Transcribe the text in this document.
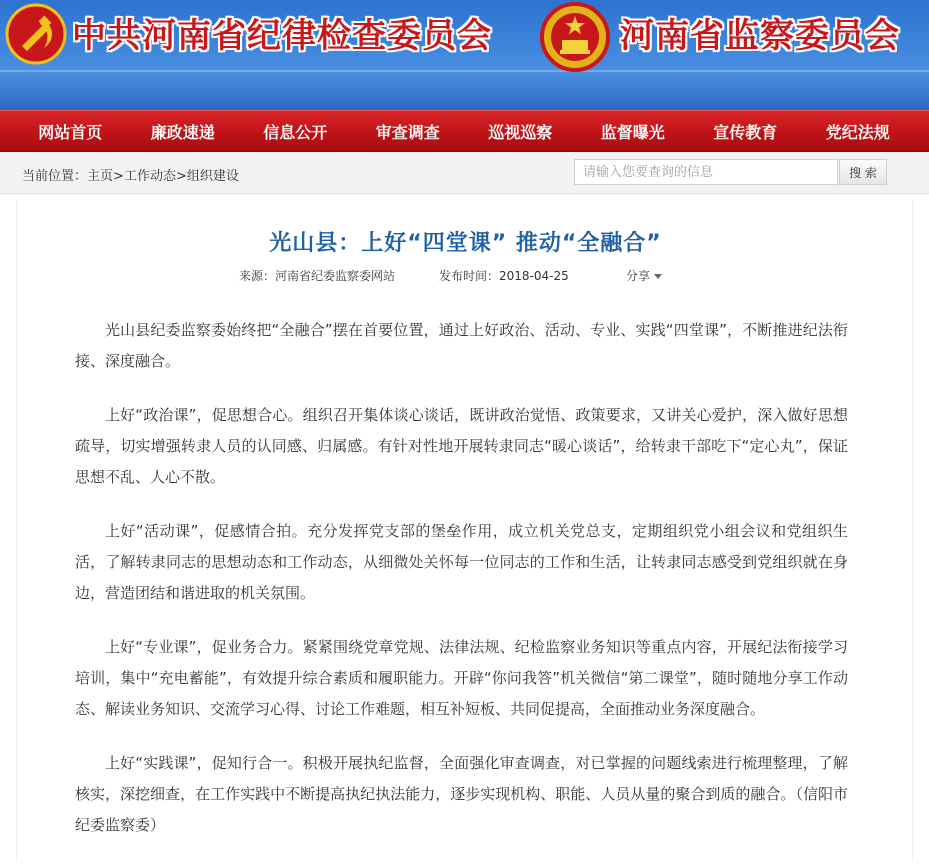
中共河南省纪律检查委员会	河南省监察委员会
网站首页	廉政速递	信息公开	审查调查	巡视巡察	监督曝光	宣传教育	党纪法规
当前位置：主页>工作动态>组织建设
请输入您要查询的信息	搜 索
光山县：上好“四堂课” 推动“全融合”
来源：河南省纪委监察委网站	发布时间：2018-04-25	分享

光山县纪委监察委始终把“全融合”摆在首要位置，通过上好政治、活动、专业、实践“四堂课”，不断推进纪法衔接、深度融合。

上好“政治课”，促思想合心。组织召开集体谈心谈话，既讲政治觉悟、政策要求，又讲关心爱护，深入做好思想疏导，切实增强转隶人员的认同感、归属感。有针对性地开展转隶同志“暖心谈话”，给转隶干部吃下“定心丸”，保证思想不乱、人心不散。

上好“活动课”，促感情合拍。充分发挥党支部的堡垒作用，成立机关党总支，定期组织党小组会议和党组织生活，了解转隶同志的思想动态和工作动态，从细微处关怀每一位同志的工作和生活，让转隶同志感受到党组织就在身边，营造团结和谐进取的机关氛围。

上好“专业课”，促业务合力。紧紧围绕党章党规、法律法规、纪检监察业务知识等重点内容，开展纪法衔接学习培训，集中“充电蓄能”，有效提升综合素质和履职能力。开辟“你问我答”机关微信“第二课堂”，随时随地分享工作动态、解读业务知识、交流学习心得、讨论工作难题，相互补短板、共同促提高，全面推动业务深度融合。

上好“实践课”，促知行合一。积极开展执纪监督，全面强化审查调查，对已掌握的问题线索进行梳理整理，了解核实，深挖细查，在工作实践中不断提高执纪执法能力，逐步实现机构、职能、人员从量的聚合到质的融合。（信阳市纪委监察委）
